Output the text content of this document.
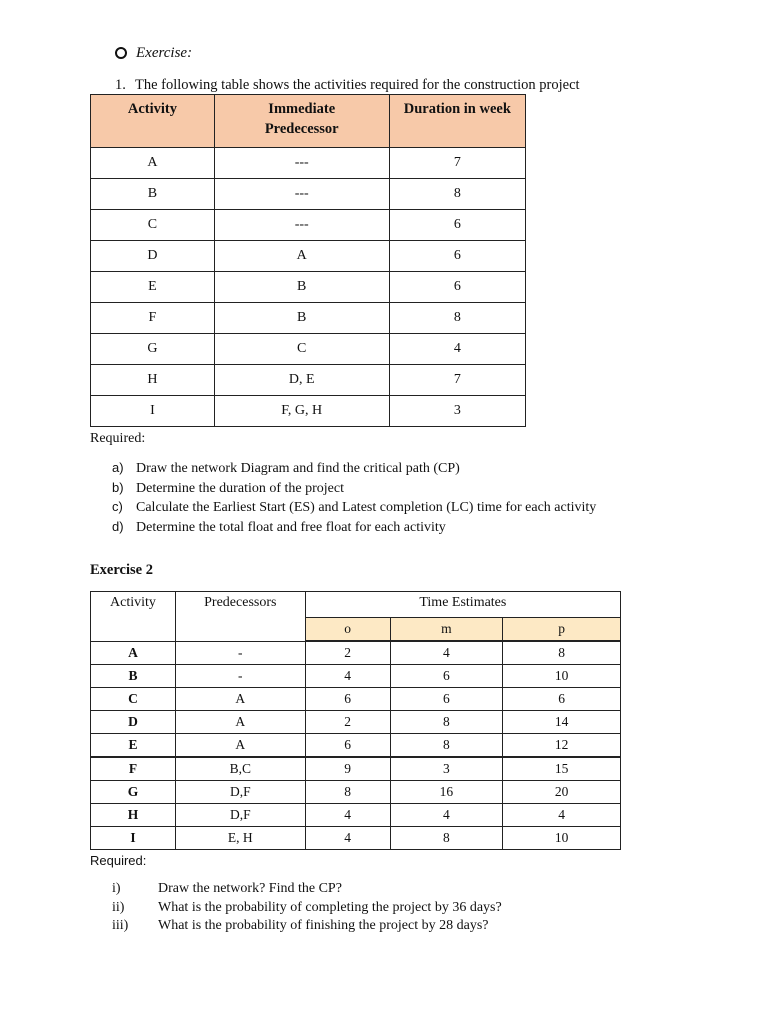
Exercise:
1. The following table shows the activities required for the construction project
Activity	Immediate Predecessor	Duration in week
A	---	7
B	---	8
C	---	6
D	A	6
E	B	6
F	B	8
G	C	4
H	D, E	7
I	F, G, H	3
Required:
a) Draw the network Diagram and find the critical path (CP)
b) Determine the duration of the project
c) Calculate the Earliest Start (ES) and Latest completion (LC) time for each activity
d) Determine the total float and free float for each activity
Exercise 2
Activity	Predecessors	Time Estimates		
		o	m	p
A	-	2	4	8
B	-	4	6	10
C	A	6	6	6
D	A	2	8	14
E	A	6	8	12
F	B,C	9	3	15
G	D,F	8	16	20
H	D,F	4	4	4
I	E, H	4	8	10
Required:
i)	Draw the network? Find the CP?
ii) What is the probability of completing the project by 36 days?
iii) What is the probability of finishing the project by 28 days?
